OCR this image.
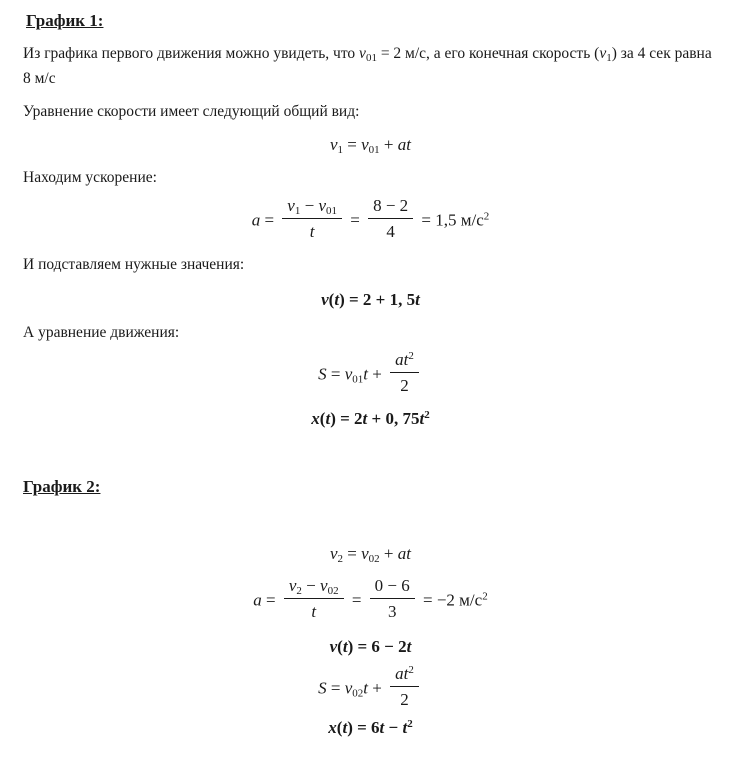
График 1:

Из графика первого движения можно увидеть, что $v_{01} = 2$ м/с, а его конечная скорость $(v_1)$ за 4 сек равна 8 м/с

Уравнение скорости имеет следующий общий вид:

$v_1 = v_{01}$ + at

Находим ускорение:

$a = \frac{v_1 - v_{01}}{t} = \frac{8 - 2}{4} = 1,5$ $м/с^2$

И подставляем нужные значения:

v(t) = 2 + 1, 5t

А уравнение движения:

$S = v_{01}t + \frac{at^2}{2}$
x(t) = 2t + 0, $75t^2$
График 2:
$v_2 = v_{02}$ + at
$a = \frac{v_2 - v_{02}}{t} = \frac{0 - 6}{3} = -2$ $м/с^2$
v(t) = 6 − 2t
$S = v_{02}t + \frac{at^2}{2}$
$x(t) = 6t - t^2$
